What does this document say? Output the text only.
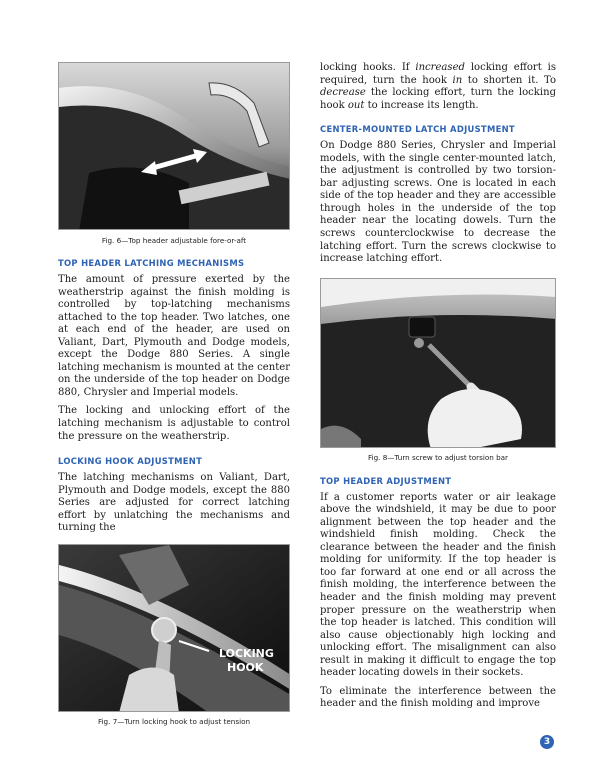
Fig. 6—Top header adjustable fore-or-aft
TOP HEADER LATCHING MECHANISMS

The amount of pressure exerted by the weatherstrip against the finish molding is controlled by top-latching mechanisms attached to the top header. Two latches, one at each end of the header, are used on Valiant, Dart, Plymouth and Dodge models, except the Dodge 880 Series. A single latching mechanism is mounted at the center on the underside of the top header on Dodge 880, Chrysler and Imperial models.

The locking and unlocking effort of the latching mechanism is adjustable to control the pressure on the weatherstrip.

LOCKING HOOK ADJUSTMENT

The latching mechanisms on Valiant, Dart, Plymouth and Dodge models, except the 880 Series are adjusted for correct latching effort by unlatching the mechanisms and turning the

LOCKING
HOOK
Fig. 7—Turn locking hook to adjust tension

locking hooks. If increased locking effort is required, turn the hook in to shorten it. To decrease the locking effort, turn the locking hook out to increase its length.

CENTER-MOUNTED LATCH ADJUSTMENT

On Dodge 880 Series, Chrysler and Imperial models, with the single center-mounted latch, the adjustment is controlled by two torsion-bar adjusting screws. One is located in each side of the top header and they are accessible through holes in the underside of the top header near the locating dowels. Turn the screws counterclockwise to decrease the latching effort. Turn the screws clockwise to increase latching effort.

Fig. 8—Turn screw to adjust torsion bar
TOP HEADER ADJUSTMENT

If a customer reports water or air leakage above the windshield, it may be due to poor alignment between the top header and the windshield finish molding. Check the clearance between the header and the finish molding for uniformity. If the top header is too far forward at one end or all across the finish molding, the interference between the header and the finish molding may prevent proper pressure on the weatherstrip when the top header is latched. This condition will also cause objectionably high locking and unlocking effort. The misalignment can also result in making it difficult to engage the top header locating dowels in their sockets.

To eliminate the interference between the header and the finish molding and improve

3
